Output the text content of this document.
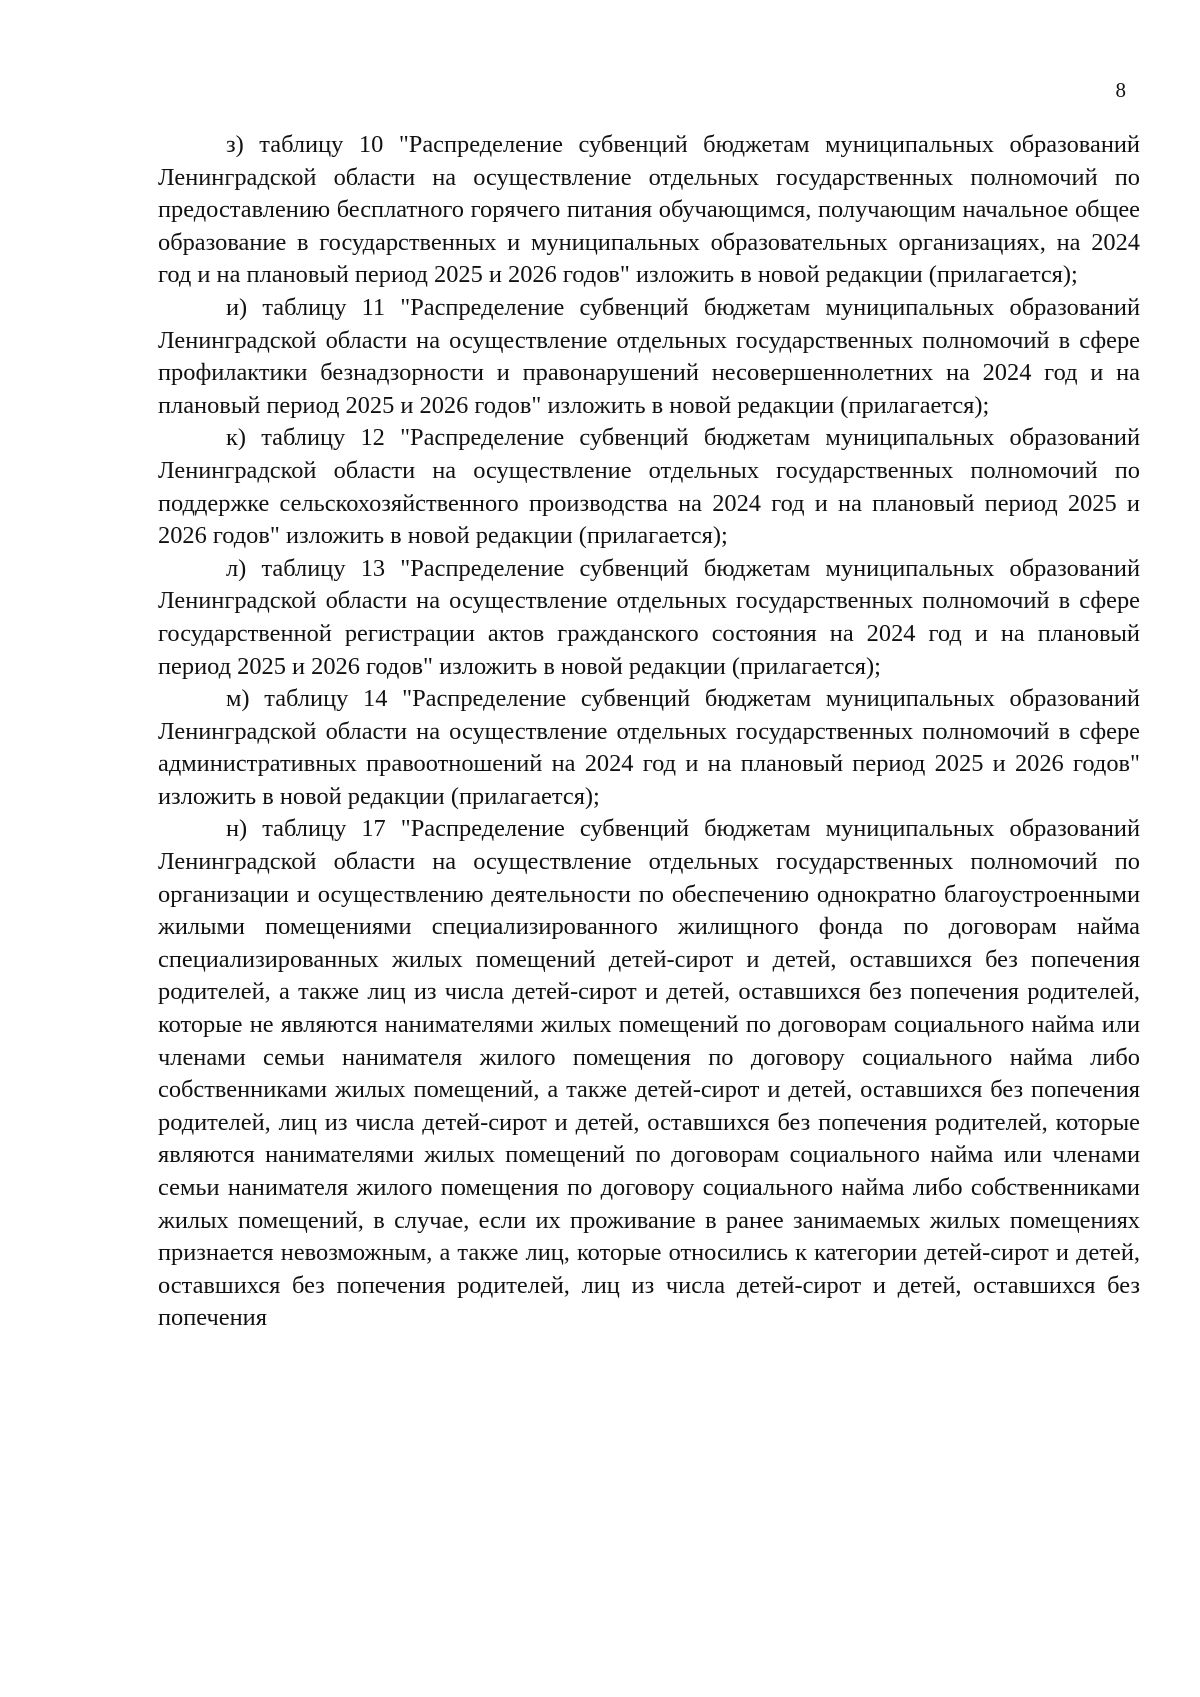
8

з) таблицу 10 "Распределение субвенций бюджетам муниципальных образований Ленинградской области на осуществление отдельных государственных полномочий по предоставлению бесплатного горячего питания обучающимся, получающим начальное общее образование в государственных и муниципальных образовательных организациях, на 2024 год и на плановый период 2025 и 2026 годов" изложить в новой редакции (прилагается);

и) таблицу 11 "Распределение субвенций бюджетам муниципальных образований Ленинградской области на осуществление отдельных государственных полномочий в сфере профилактики безнадзорности и правонарушений несовершеннолетних на 2024 год и на плановый период 2025 и 2026 годов" изложить в новой редакции (прилагается);

к) таблицу 12 "Распределение субвенций бюджетам муниципальных образований Ленинградской области на осуществление отдельных государственных полномочий по поддержке сельскохозяйственного производства на 2024 год и на плановый период 2025 и 2026 годов" изложить в новой редакции (прилагается);

л) таблицу 13 "Распределение субвенций бюджетам муниципальных образований Ленинградской области на осуществление отдельных государственных полномочий в сфере государственной регистрации актов гражданского состояния на 2024 год и на плановый период 2025 и 2026 годов" изложить в новой редакции (прилагается);

м) таблицу 14 "Распределение субвенций бюджетам муниципальных образований Ленинградской области на осуществление отдельных государственных полномочий в сфере административных правоотношений на 2024 год и на плановый период 2025 и 2026 годов" изложить в новой редакции (прилагается);

н) таблицу 17 "Распределение субвенций бюджетам муниципальных образований Ленинградской области на осуществление отдельных государственных полномочий по организации и осуществлению деятельности по обеспечению однократно благоустроенными жилыми помещениями специализированного жилищного фонда по договорам найма специализированных жилых помещений детей-сирот и детей, оставшихся без попечения родителей, а также лиц из числа детей-сирот и детей, оставшихся без попечения родителей, которые не являются нанимателями жилых помещений по договорам социального найма или членами семьи нанимателя жилого помещения по договору социального найма либо собственниками жилых помещений, а также детей-сирот и детей, оставшихся без попечения родителей, лиц из числа детей-сирот и детей, оставшихся без попечения родителей, которые являются нанимателями жилых помещений по договорам социального найма или членами семьи нанимателя жилого помещения по договору социального найма либо собственниками жилых помещений, в случае, если их проживание в ранее занимаемых жилых помещениях признается невозможным, а также лиц, которые относились к категории детей-сирот и детей, оставшихся без попечения родителей, лиц из числа детей-сирот и детей, оставшихся без попечения
